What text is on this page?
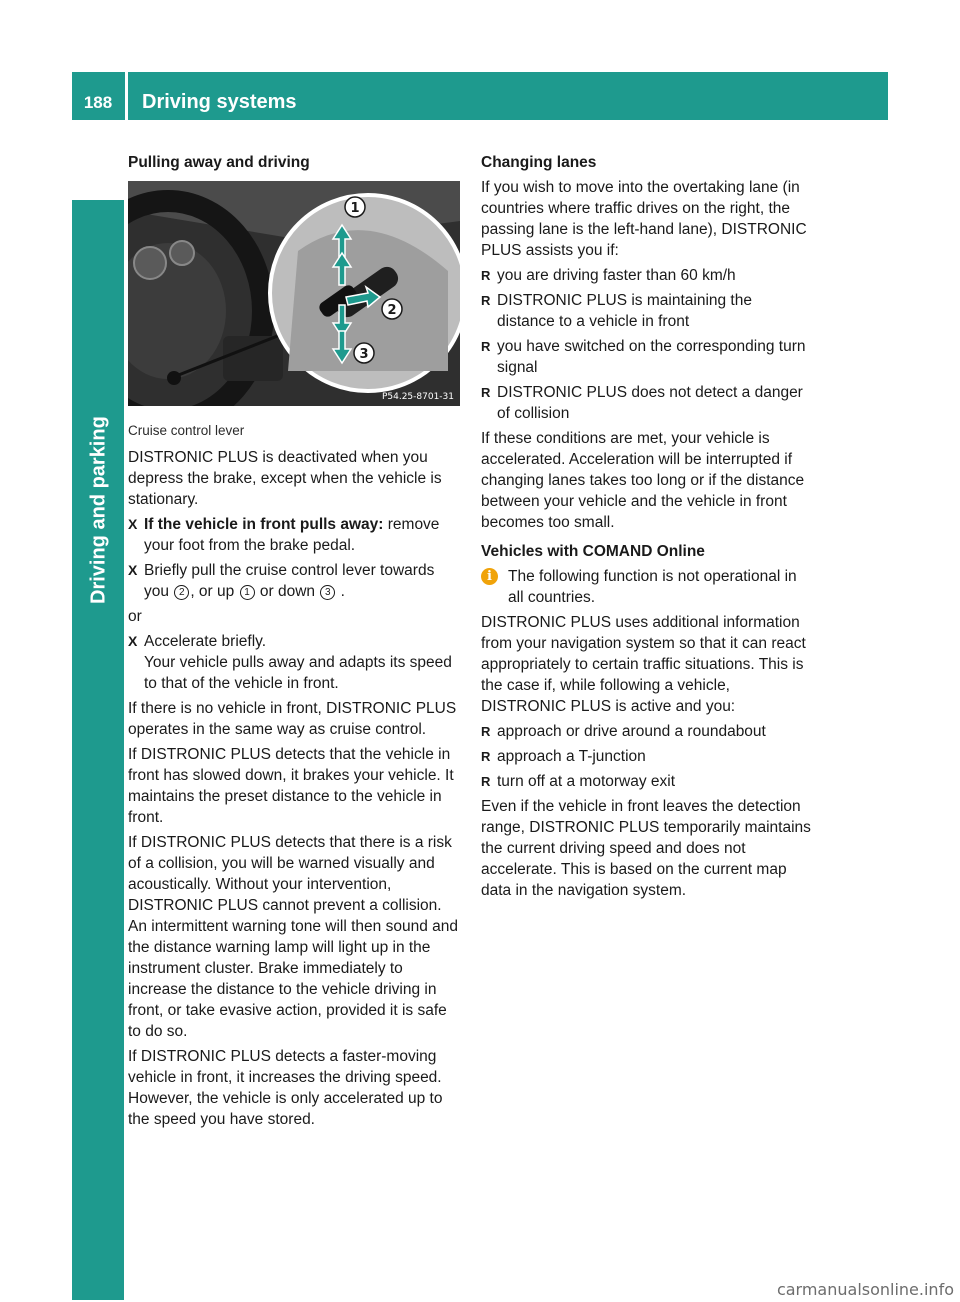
188	Driving systems
Driving and parking
Pulling away and driving
1
2
3
P54.25-8701-31
Cruise control lever

DISTRONIC PLUS is deactivated when you depress the brake, except when the vehicle is stationary.

X If the vehicle in front pulls away: remove your foot from the brake pedal.
X Briefly pull the cruise control lever towards you 2 , or up 1 or down 3 .

or

X Accelerate briefly.
Your vehicle pulls away and adapts its speed to that of the vehicle in front.

If there is no vehicle in front, DISTRONIC PLUS operates in the same way as cruise control.

If DISTRONIC PLUS detects that the vehicle in front has slowed down, it brakes your vehicle. It maintains the preset distance to the vehicle in front.

If DISTRONIC PLUS detects that there is a risk of a collision, you will be warned visually and acoustically. Without your intervention, DISTRONIC PLUS cannot prevent a collision. An intermittent warning tone will then sound and the distance warning lamp will light up in the instrument cluster. Brake immediately to increase the distance to the vehicle driving in front, or take evasive action, provided it is safe to do so.

If DISTRONIC PLUS detects a faster-moving vehicle in front, it increases the driving speed. However, the vehicle is only accelerated up to the speed you have stored.

Changing lanes

If you wish to move into the overtaking lane (in countries where traffic drives on the right, the passing lane is the left-hand lane), DISTRONIC PLUS assists you if:

R you are driving faster than 60 km/h
R DISTRONIC PLUS is maintaining the distance to a vehicle in front
R you have switched on the corresponding turn signal
R DISTRONIC PLUS does not detect a danger of collision

If these conditions are met, your vehicle is accelerated. Acceleration will be interrupted if changing lanes takes too long or if the distance between your vehicle and the vehicle in front becomes too small.

Vehicles with COMAND Online
i	The following function is not operational in all countries.

DISTRONIC PLUS uses additional information from your navigation system so that it can react appropriately to certain traffic situations. This is the case if, while following a vehicle, DISTRONIC PLUS is active and you:

R approach or drive around a roundabout
R approach a T-junction
R turn off at a motorway exit

Even if the vehicle in front leaves the detection range, DISTRONIC PLUS temporarily maintains the current driving speed and does not accelerate. This is based on the current map data in the navigation system.

carmanualsonline.info
